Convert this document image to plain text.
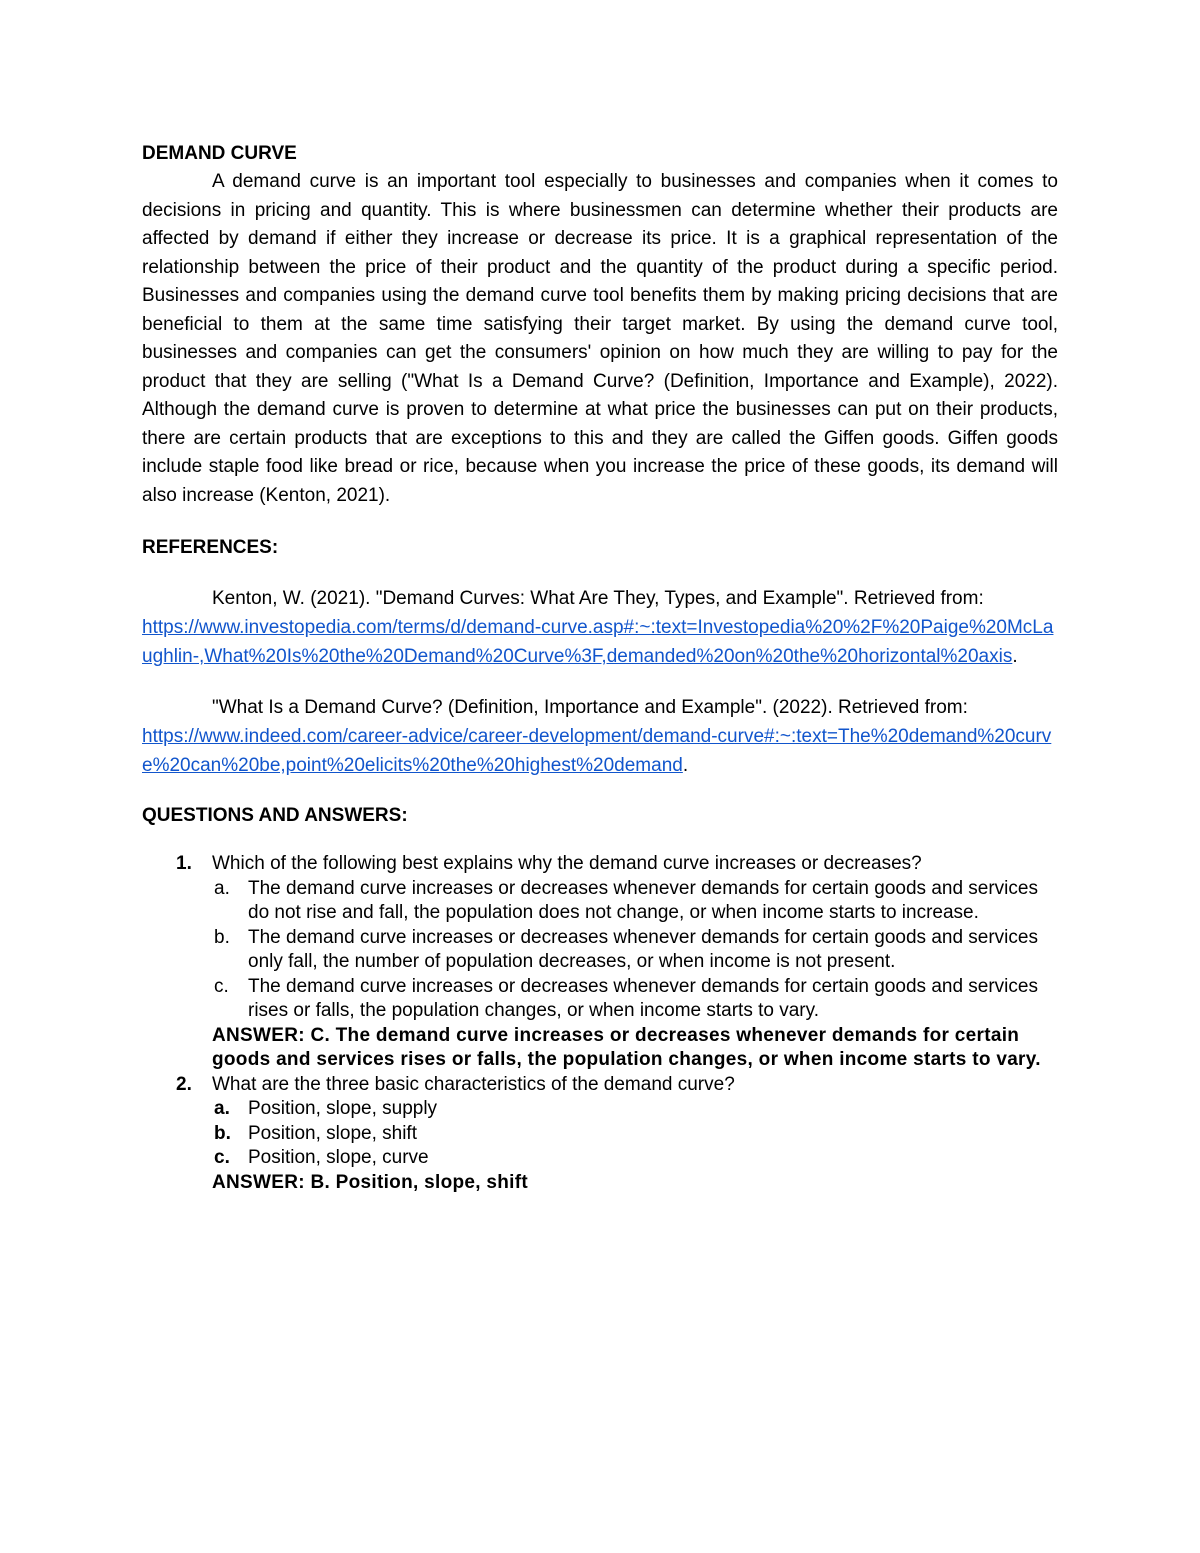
DEMAND CURVE

A demand curve is an important tool especially to businesses and companies when it comes to decisions in pricing and quantity. This is where businessmen can determine whether their products are affected by demand if either they increase or decrease its price. It is a graphical representation of the relationship between the price of their product and the quantity of the product during a specific period. Businesses and companies using the demand curve tool benefits them by making pricing decisions that are beneficial to them at the same time satisfying their target market. By using the demand curve tool, businesses and companies can get the consumers' opinion on how much they are willing to pay for the product that they are selling ("What Is a Demand Curve? (Definition, Importance and Example), 2022). Although the demand curve is proven to determine at what price the businesses can put on their products, there are certain products that are exceptions to this and they are called the Giffen goods. Giffen goods include staple food like bread or rice, because when you increase the price of these goods, its demand will also increase (Kenton, 2021).

REFERENCES:

Kenton, W. (2021). "Demand Curves: What Are They, Types, and Example". Retrieved from:
https://www.investopedia.com/terms/d/demand-curve.asp#:~:text=Investopedia%20%2F%20Paige%20McLaughlin-,What%20Is%20the%20Demand%20Curve%3F,demanded%20on%20the%20horizontal%20axis.

"What Is a Demand Curve? (Definition, Importance and Example". (2022). Retrieved from:
https://www.indeed.com/career-advice/career-development/demand-curve#:~:text=The%20demand%20curve%20can%20be,point%20elicits%20the%20highest%20demand.

QUESTIONS AND ANSWERS:

1. Which of the following best explains why the demand curve increases or decreases?
a. The demand curve increases or decreases whenever demands for certain goods and services do not rise and fall, the population does not change, or when income starts to increase.
b. The demand curve increases or decreases whenever demands for certain goods and services only fall, the number of population decreases, or when income is not present.
c. The demand curve increases or decreases whenever demands for certain goods and services rises or falls, the population changes, or when income starts to vary.
ANSWER: C. The demand curve increases or decreases whenever demands for certain goods and services rises or falls, the population changes, or when income starts to vary.
2. What are the three basic characteristics of the demand curve?
a. Position, slope, supply
b. Position, slope, shift
c. Position, slope, curve
ANSWER: B. Position, slope, shift
